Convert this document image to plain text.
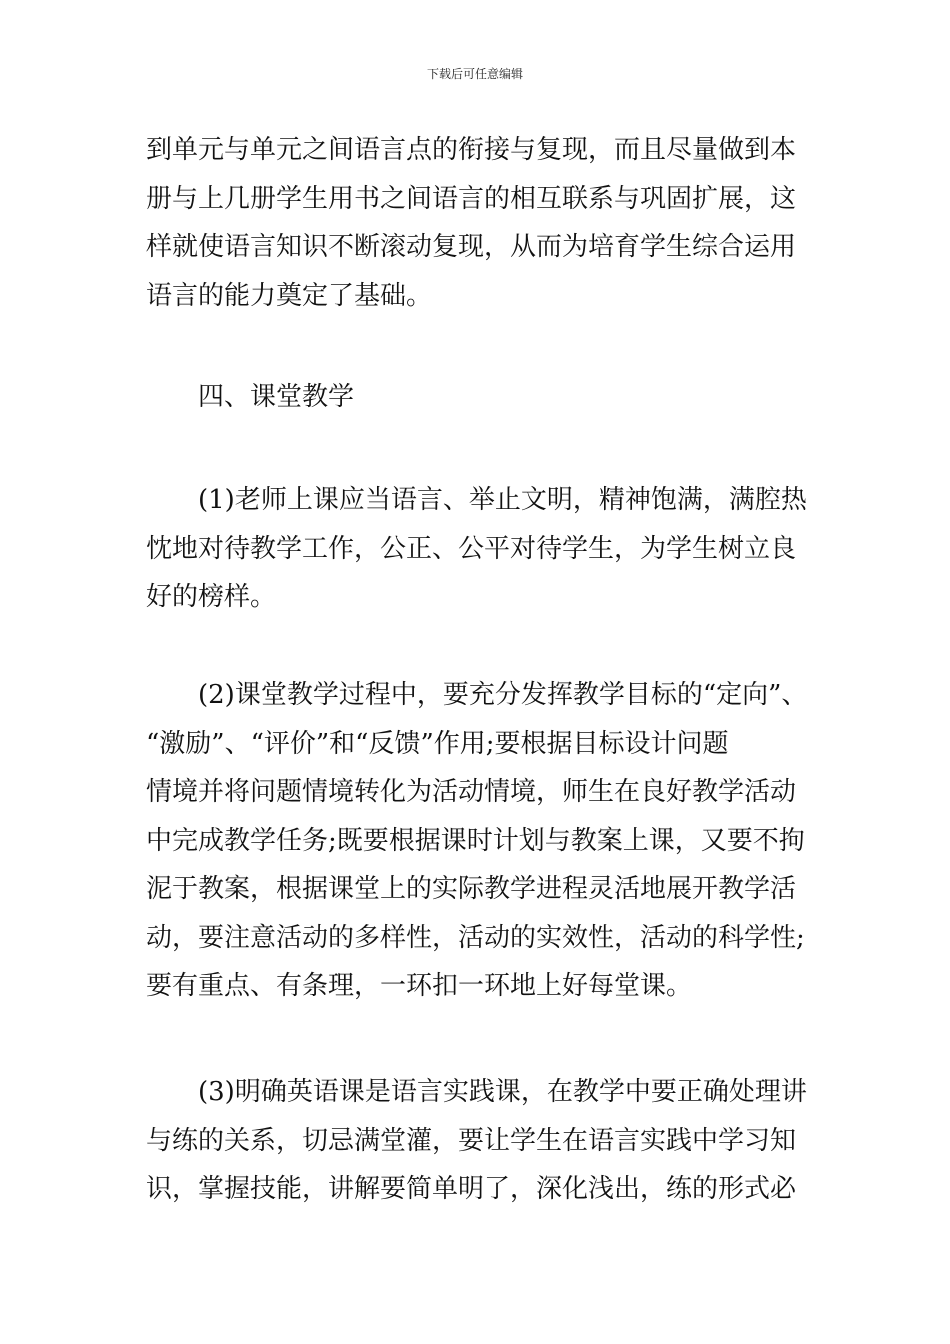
下载后可任意编辑
到单元与单元之间语言点的衔接与复现，而且尽量做到本
册与上几册学生用书之间语言的相互联系与巩固扩展，这
样就使语言知识不断滚动复现，从而为培育学生综合运用
语言的能力奠定了基础。
　　四、课堂教学
　　(1)老师上课应当语言、举止文明，精神饱满，满腔热
忱地对待教学工作，公正、公平对待学生，为学生树立良
好的榜样。
　　(2)课堂教学过程中，要充分发挥教学目标的“定向”、
“激励”、“评价”和“反馈”作用;要根据目标设计问题
情境并将问题情境转化为活动情境，师生在良好教学活动
中完成教学任务;既要根据课时计划与教案上课，又要不拘
泥于教案，根据课堂上的实际教学进程灵活地展开教学活
动，要注意活动的多样性，活动的实效性，活动的科学性;
要有重点、有条理，一环扣一环地上好每堂课。
　　(3)明确英语课是语言实践课，在教学中要正确处理讲
与练的关系，切忌满堂灌，要让学生在语言实践中学习知
识，掌握技能，讲解要简单明了，深化浅出，练的形式必
